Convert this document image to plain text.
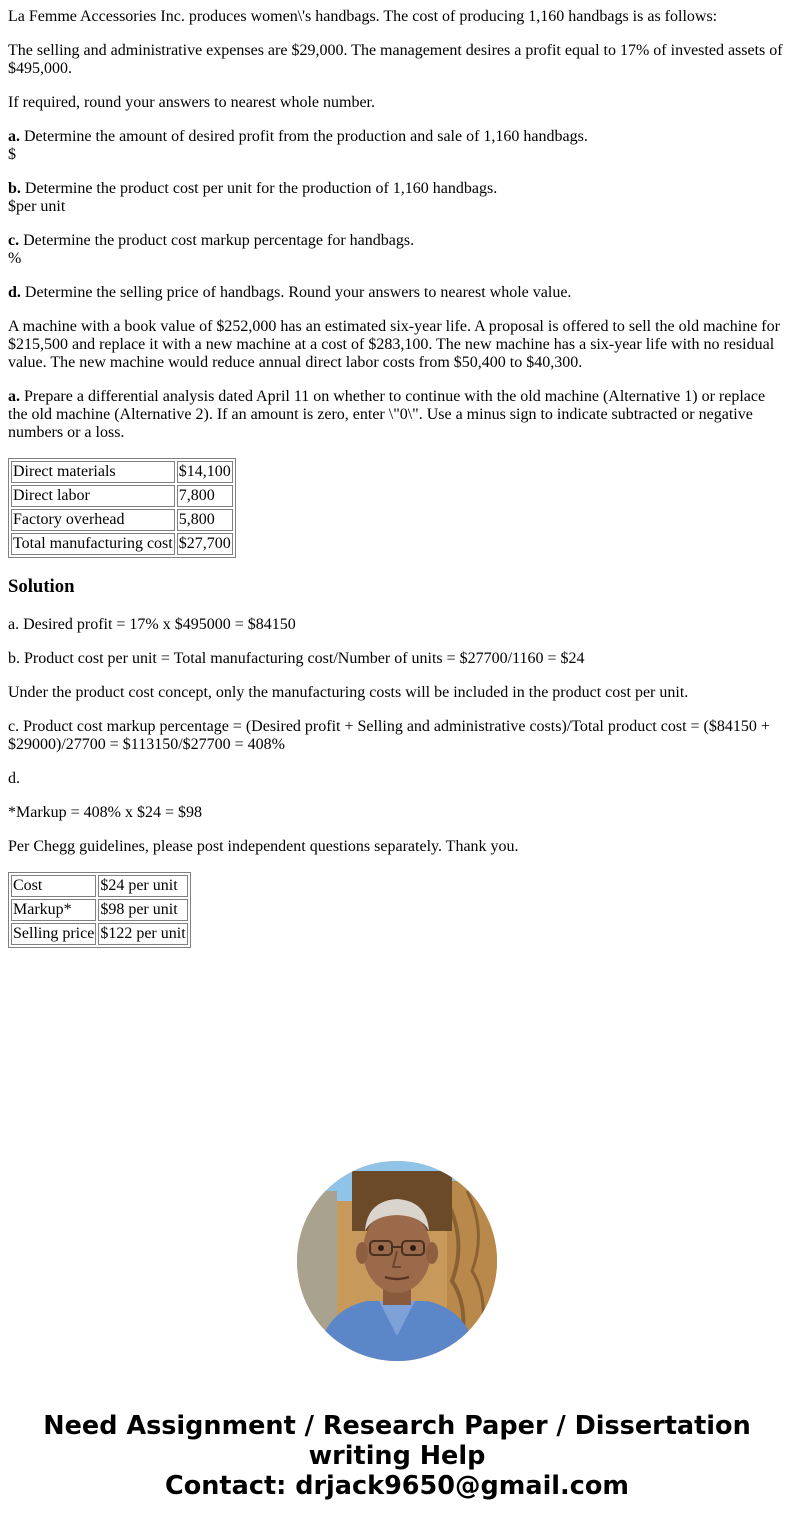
La Femme Accessories Inc. produces women\'s handbags. The cost of producing 1,160 handbags is as follows:

The selling and administrative expenses are $29,000. The management desires a profit equal to 17% of invested assets of $495,000.

If required, round your answers to nearest whole number.

a. Determine the amount of desired profit from the production and sale of 1,160 handbags.
$

b. Determine the product cost per unit for the production of 1,160 handbags.
$per unit

c. Determine the product cost markup percentage for handbags.
%

d. Determine the selling price of handbags. Round your answers to nearest whole value.

A machine with a book value of $252,000 has an estimated six-year life. A proposal is offered to sell the old machine for $215,500 and replace it with a new machine at a cost of $283,100. The new machine has a six-year life with no residual value. The new machine would reduce annual direct labor costs from $50,400 to $40,300.

a. Prepare a differential analysis dated April 11 on whether to continue with the old machine (Alternative 1) or replace the old machine (Alternative 2). If an amount is zero, enter \"0\". Use a minus sign to indicate subtracted or negative numbers or a loss.

Direct materials	$14,100
Direct labor	7,800
Factory overhead	5,800
Total manufacturing cost	$27,700
Solution

a. Desired profit = 17% x $495000 = $84150

b. Product cost per unit = Total manufacturing cost/Number of units = $27700/1160 = $24

Under the product cost concept, only the manufacturing costs will be included in the product cost per unit.

c. Product cost markup percentage = (Desired profit + Selling and administrative costs)/Total product cost = ($84150 + $29000)/27700 = $113150/$27700 = 408%

d.

*Markup = 408% x $24 = $98

Per Chegg guidelines, please post independent questions separately. Thank you.

Cost	$24 per unit
Markup*	$98 per unit
Selling price	$122 per unit
Need Assignment / Research Paper / Dissertation
writing Help
Contact: drjack9650@gmail.com
